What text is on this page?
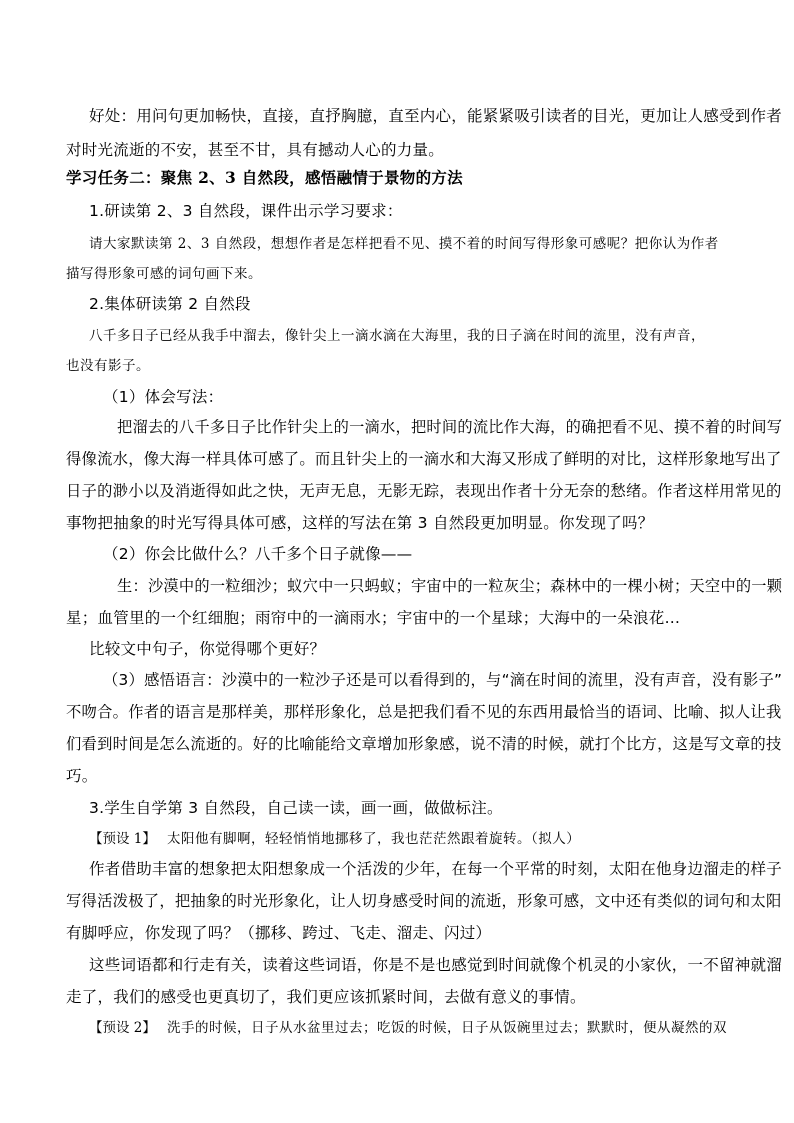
好处：用问句更加畅快，直接，直抒胸臆，直至内心，能紧紧吸引读者的目光，更加让人感受到作者
对时光流逝的不安，甚至不甘，具有撼动人心的力量。
学习任务二：聚焦 2、3 自然段，感悟融情于景物的方法
1.研读第 2、3 自然段，课件出示学习要求：
请大家默读第 2、3 自然段，想想作者是怎样把看不见、摸不着的时间写得形象可感呢？把你认为作者
描写得形象可感的词句画下来。
2.集体研读第 2 自然段
八千多日子已经从我手中溜去，像针尖上一滴水滴在大海里，我的日子滴在时间的流里，没有声音，
也没有影子。
（1）体会写法：
把溜去的八千多日子比作针尖上的一滴水，把时间的流比作大海，的确把看不见、摸不着的时间写
得像流水，像大海一样具体可感了。而且针尖上的一滴水和大海又形成了鲜明的对比，这样形象地写出了
日子的渺小以及消逝得如此之快，无声无息，无影无踪，表现出作者十分无奈的愁绪。作者这样用常见的
事物把抽象的时光写得具体可感，这样的写法在第 3 自然段更加明显。你发现了吗？
（2）你会比做什么？八千多个日子就像——
生：沙漠中的一粒细沙；蚁穴中一只蚂蚁；宇宙中的一粒灰尘；森林中的一棵小树；天空中的一颗
星；血管里的一个红细胞；雨帘中的一滴雨水；宇宙中的一个星球；大海中的一朵浪花…
比较文中句子，你觉得哪个更好？
（3）感悟语言：沙漠中的一粒沙子还是可以看得到的，与“滴在时间的流里，没有声音，没有影子”
不吻合。作者的语言是那样美，那样形象化，总是把我们看不见的东西用最恰当的语词、比喻、拟人让我
们看到时间是怎么流逝的。好的比喻能给文章增加形象感，说不清的时候，就打个比方，这是写文章的技
巧。
3.学生自学第 3 自然段，自己读一读，画一画，做做标注。
【预设 1】 太阳他有脚啊，轻轻悄悄地挪移了，我也茫茫然跟着旋转。（拟人）
作者借助丰富的想象把太阳想象成一个活泼的少年，在每一个平常的时刻，太阳在他身边溜走的样子
写得活泼极了，把抽象的时光形象化，让人切身感受时间的流逝，形象可感，文中还有类似的词句和太阳
有脚呼应，你发现了吗？（挪移、跨过、飞走、溜走、闪过）
这些词语都和行走有关，读着这些词语，你是不是也感觉到时间就像个机灵的小家伙，一不留神就溜
走了，我们的感受也更真切了，我们更应该抓紧时间，去做有意义的事情。
【预设 2】 洗手的时候，日子从水盆里过去；吃饭的时候，日子从饭碗里过去；默默时，便从凝然的双
